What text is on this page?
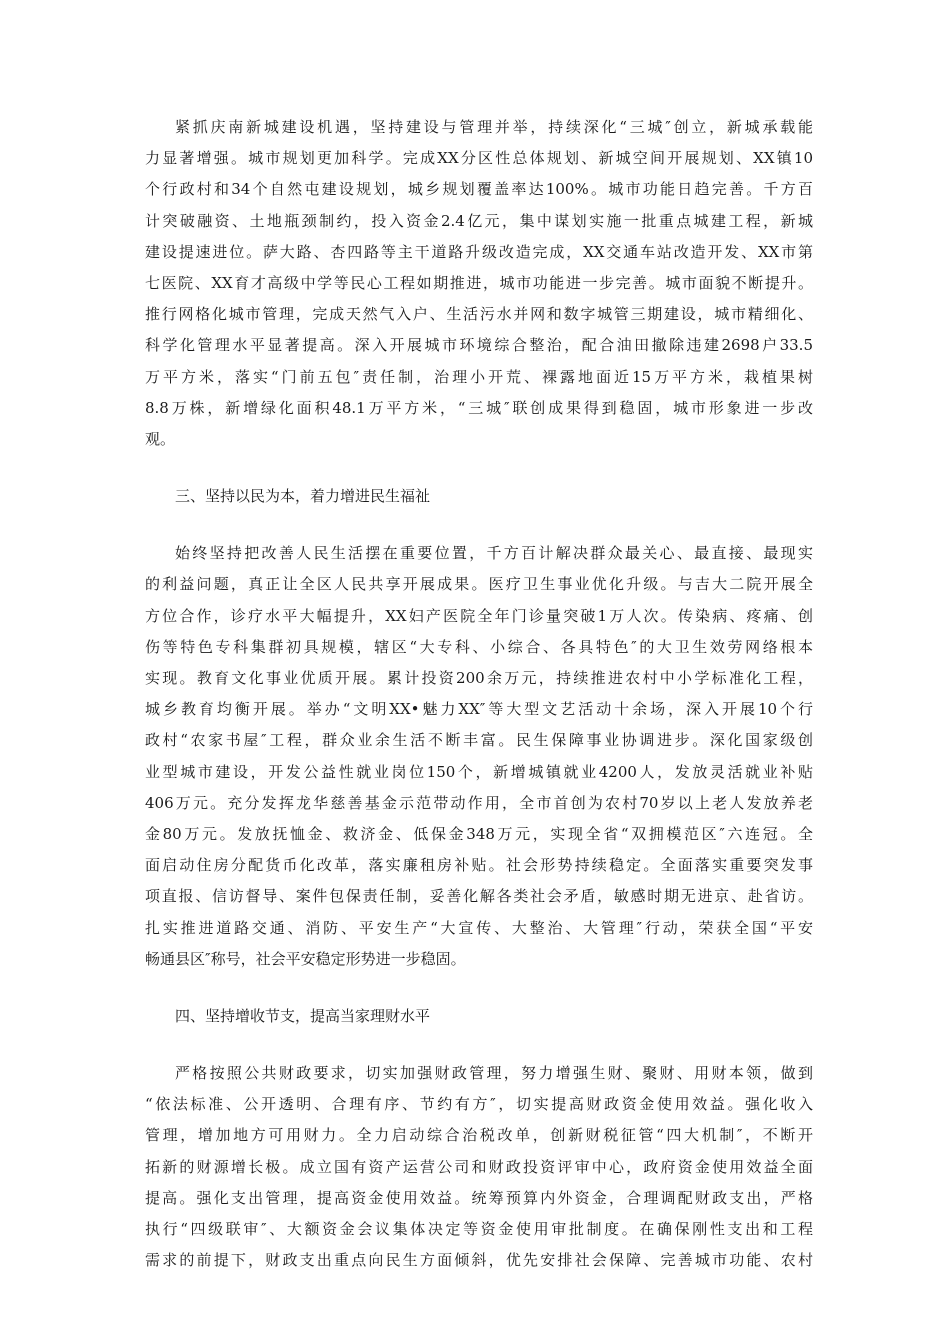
紧抓庆南新城建设机遇，坚持建设与管理并举，持续深化“三城″创立，新城承载能
力显著增强。城市规划更加科学。完成XX分区性总体规划、新城空间开展规划、XX镇10
个行政村和34个自然屯建设规划，城乡规划覆盖率达100%。城市功能日趋完善。千方百
计突破融资、土地瓶颈制约，投入资金2.4亿元，集中谋划实施一批重点城建工程，新城
建设提速进位。萨大路、杏四路等主干道路升级改造完成，XX交通车站改造开发、XX市第
七医院、XX育才高级中学等民心工程如期推进，城市功能进一步完善。城市面貌不断提升。
推行网格化城市管理，完成天然气入户、生活污水并网和数字城管三期建设，城市精细化、
科学化管理水平显著提高。深入开展城市环境综合整治，配合油田撤除违建2698户33.5
万平方米，落实“门前五包″责任制，治理小开荒、裸露地面近15万平方米，栽植果树
8.8万株，新增绿化面积48.1万平方米，“三城″联创成果得到稳固，城市形象进一步改
观。
三、坚持以民为本，着力增进民生福祉
始终坚持把改善人民生活摆在重要位置，千方百计解决群众最关心、最直接、最现实
的利益问题，真正让全区人民共享开展成果。医疗卫生事业优化升级。与吉大二院开展全
方位合作，诊疗水平大幅提升，XX妇产医院全年门诊量突破1万人次。传染病、疼痛、创
伤等特色专科集群初具规模，辖区“大专科、小综合、各具特色″的大卫生效劳网络根本
实现。教育文化事业优质开展。累计投资200余万元，持续推进农村中小学标准化工程，
城乡教育均衡开展。举办“文明XX•魅力XX″等大型文艺活动十余场，深入开展10个行
政村“农家书屋″工程，群众业余生活不断丰富。民生保障事业协调进步。深化国家级创
业型城市建设，开发公益性就业岗位150个，新增城镇就业4200人，发放灵活就业补贴
406万元。充分发挥龙华慈善基金示范带动作用，全市首创为农村70岁以上老人发放养老
金80万元。发放抚恤金、救济金、低保金348万元，实现全省“双拥模范区″六连冠。全
面启动住房分配货币化改革，落实廉租房补贴。社会形势持续稳定。全面落实重要突发事
项直报、信访督导、案件包保责任制，妥善化解各类社会矛盾，敏感时期无进京、赴省访。
扎实推进道路交通、消防、平安生产“大宣传、大整治、大管理″行动，荣获全国“平安
畅通县区″称号，社会平安稳定形势进一步稳固。
四、坚持增收节支，提高当家理财水平
严格按照公共财政要求，切实加强财政管理，努力增强生财、聚财、用财本领，做到
“依法标准、公开透明、合理有序、节约有方″，切实提高财政资金使用效益。强化收入
管理，增加地方可用财力。全力启动综合治税改单，创新财税征管“四大机制″，不断开
拓新的财源增长极。成立国有资产运营公司和财政投资评审中心，政府资金使用效益全面
提高。强化支出管理，提高资金使用效益。统筹预算内外资金，合理调配财政支出，严格
执行“四级联审″、大额资金会议集体决定等资金使用审批制度。在确保刚性支出和工程
需求的前提下，财政支出重点向民生方面倾斜，优先安排社会保障、完善城市功能、农村
